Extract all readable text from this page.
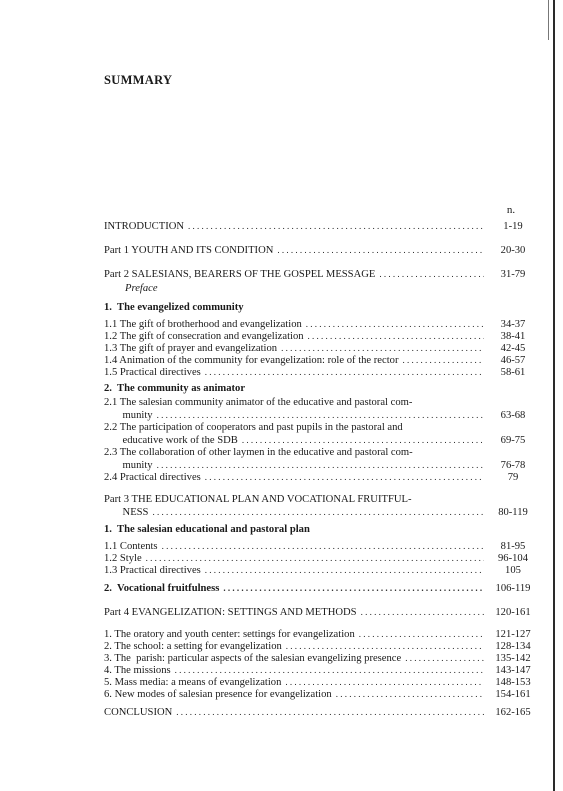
SUMMARY
n.
Preface
INTRODUCTION . . .	1-19
Part 1 YOUTH AND ITS CONDITION . . .	20-30
Part 2 SALESIANS, BEARERS OF THE GOSPEL MESSAGE . . .	31-79
1.  The evangelized community
1.1 The gift of brotherhood and evangelization . . .	34-37
1.2 The gift of consecration and evangelization . . .	38-41
1.3 The gift of prayer and evangelization . . .	42-45
1.4 Animation of the community for evangelization: role of the rector . . .	46-57
1.5 Practical directives . . .	58-61
2.  The community as animator
2.1 The salesian community animator of the educative and pastoral com-
munity . . .	63-68
2.2 The participation of cooperators and past pupils in the pastoral and
educative work of the SDB . . .	69-75
2.3 The collaboration of other laymen in the educative and pastoral com-
munity . . .	76-78
2.4 Practical directives . . .	79
Part 3 THE EDUCATIONAL PLAN AND VOCATIONAL FRUITFUL-
NESS . . .	80-119
1.  The salesian educational and pastoral plan
1.1 Contents . . .	81-95
1.2 Style . . .	96-104
1.3 Practical directives . . .	105
2.  Vocational fruitfulness . . .	106-119
Part 4 EVANGELIZATION: SETTINGS AND METHODS . . .	120-161
1. The oratory and youth center: settings for evangelization . . .	121-127
2. The school: a setting for evangelization . . .	128-134
3. The  parish: particular aspects of the salesian evangelizing presence . . .	135-142
4. The missions . . .	143-147
5. Mass media: a means of evangelization . . .	148-153
6. New modes of salesian presence for evangelization . . .	154-161
CONCLUSION . . .	162-165
